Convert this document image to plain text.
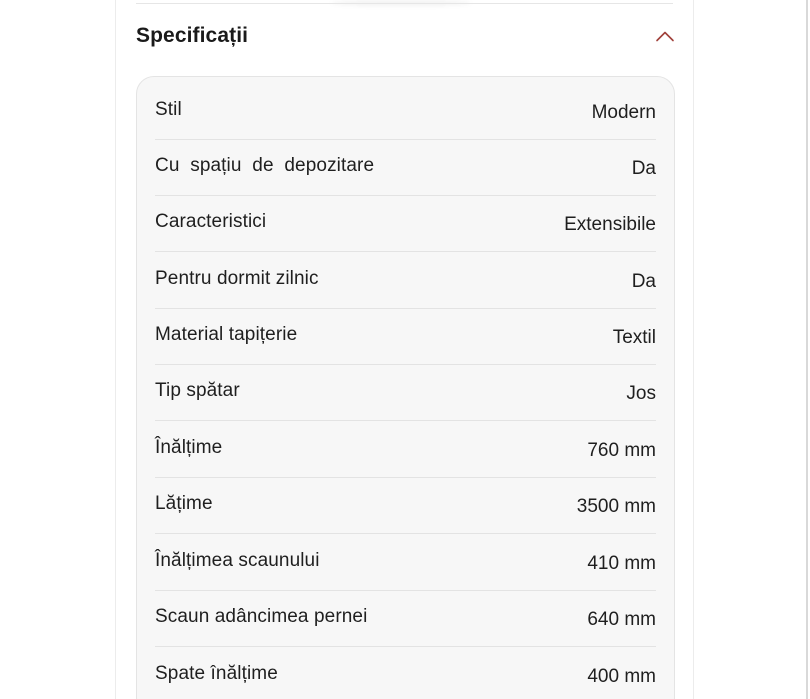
Specificații
Stil	Modern
Cu  spațiu  de  depozitare	Da
Caracteristici	Extensibile
Pentru dormit zilnic	Da
Material tapițerie	Textil
Tip spătar	Jos
Înălțime	760 mm
Lățime	3500 mm
Înălțimea scaunului	410 mm
Scaun adâncimea pernei	640 mm
Spate înălțime	400 mm
